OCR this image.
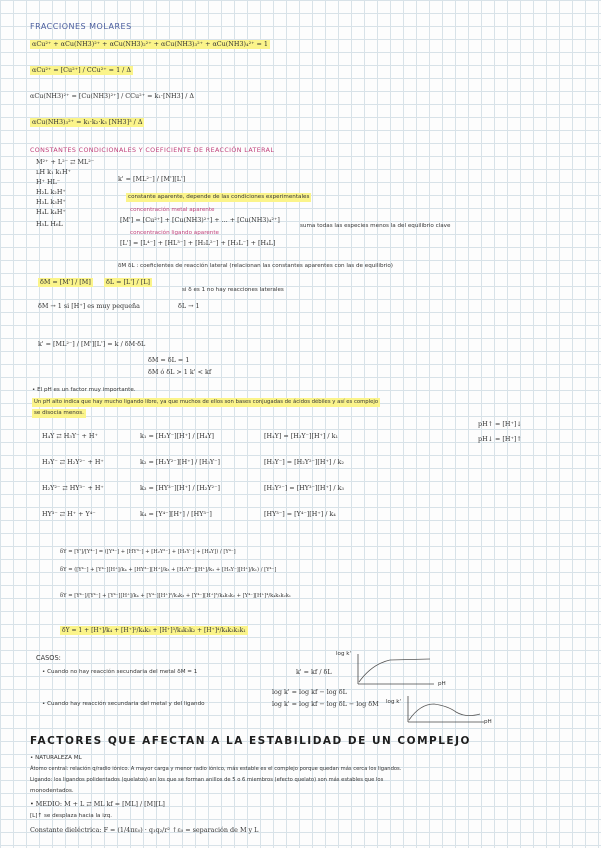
FRACCIONES MOLARES
αCu²⁺ + αCu(NH3)²⁺ + αCu(NH3)₂²⁺ + αCu(NH3)₃²⁺ + αCu(NH3)₄²⁺ = 1
αCu²⁺ = [Cu²⁺] / CCu²⁺ = 1 / Δ
αCu(NH3)²⁺ = [Cu(NH3)²⁺] / CCu²⁺ = k₁·[NH3] / Δ
αCu(NH3)₃²⁺ = k₁·k₂·k₃ [NH3]³ / Δ
CONSTANTES CONDICIONALES Y COEFICIENTE DE REACCIÓN LATERAL
M²⁺ + L²⁻ ⇄ ML²⁻
ʟH k₁ k₁H⁺
H⁺ HL⁻
H₂L k₂H⁺
H₃L k₃H⁺
H₄L k₄H⁺
H₅L H₆L
k' = [ML²⁻] / [M'][L']
constante aparente, depende de las condiciones experimentales
concentración metal aparente
[M'] = [Cu²⁺] + [Cu(NH3)²⁺] + ... + [Cu(NH3)₄²⁺]
suma todas las especies menos la del equilibrio clave
concentración ligando aparente
[L'] = [L⁴⁻] + [HL³⁻] + [H₂L²⁻] + [H₃L⁻] + [H₄L]
δM δL : coeficientes de reacción lateral (relacionan las constantes aparentes con las de equilibrio)
δM = [M'] / [M]	δL = [L'] / [L]
si δ es 1 no hay reacciones laterales
δM → 1 si [H⁺] es muy pequeña	δL → 1
k' = [ML²⁻] / [M'][L'] = k / δM·δL
δM = δL = 1
δM ó δL > 1 k' < kf
• El pH es un factor muy importante.
Un pH alto indica que hay mucho ligando libre, ya que muchos de ellos son bases conjugadas de ácidos débiles y así es complejo
se disocia menos.
pH↑ = [H⁺]↓
pH↓ = [H⁺]↑
H₄Y ⇄ H₃Y⁻ + H⁺	k₁ = [H₃Y⁻][H⁺] / [H₄Y]	[H₄Y] = [H₃Y⁻][H⁺] / k₁
H₃Y⁻ ⇄ H₂Y²⁻ + H⁺	k₂ = [H₂Y²⁻][H⁺] / [H₃Y⁻]	[H₃Y⁻] = [H₂Y²⁻][H⁺] / k₂
H₂Y²⁻ ⇄ HY³⁻ + H⁺	k₃ = [HY³⁻][H⁺] / [H₂Y²⁻]	[H₂Y²⁻] = [HY³⁻][H⁺] / k₃
HY³⁻ ⇄ H⁺ + Y⁴⁻	k₄ = [Y⁴⁻][H⁺] / [HY³⁻]	[HY³⁻] = [Y⁴⁻][H⁺] / k₄
δY = [Y']/[Y⁴⁻] = ([Y⁴⁻] + [HY³⁻] + [H₂Y²⁻] + [H₃Y⁻] + [H₄Y]) / [Y⁴⁻]
δY = ([Y⁴⁻] + [Y⁴⁻][H⁺]/k₄ + [HY³⁻][H⁺]/k₃ + [H₂Y²⁻][H⁺]/k₂ + [H₃Y⁻][H⁺]/k₁) / [Y⁴⁻]
δY = [Y⁴⁻]/[Y⁴⁻] + [Y⁴⁻][H⁺]/k₄ + [Y⁴⁻][H⁺]²/k₄k₃ + [Y⁴⁻][H⁺]³/k₄k₃k₂ + [Y⁴⁻][H⁺]⁴/k₄k₃k₂k₁
δY = 1 + [H⁺]/k₄ + [H⁺]²/k₄k₃ + [H⁺]³/k₄k₃k₂ + [H⁺]⁴/k₄k₃k₂k₁
CASOS:
• Cuando no hay reacción secundaria del metal δM = 1	k' = kf / δL
log k' = log kf − log δL
• Cuando hay reacción secundaria del metal y del ligando	log k' = log kf − log δL − log δM
log k'
pH
log k'
pH
FACTORES QUE AFECTAN A LA ESTABILIDAD DE UN COMPLEJO
• NATURALEZA ML
Átomo central: relación q/radio iónico. A mayor carga y menor radio iónico, más estable es el complejo porque quedan más cerca los ligandos.
Ligando: los ligandos polidentados (quelatos) en los que se forman anillos de 5 o 6 miembros (efecto quelato) son más estables que los
monodentados.
• MEDIO: M + L ⇄ ML kf = [ML] / [M][L]
[L]↑ se desplaza hacia la izq.
Constante dieléctrica: F = (1/4πε₀) · q₁q₂/r² ↑ε₀ = separación de M y L
